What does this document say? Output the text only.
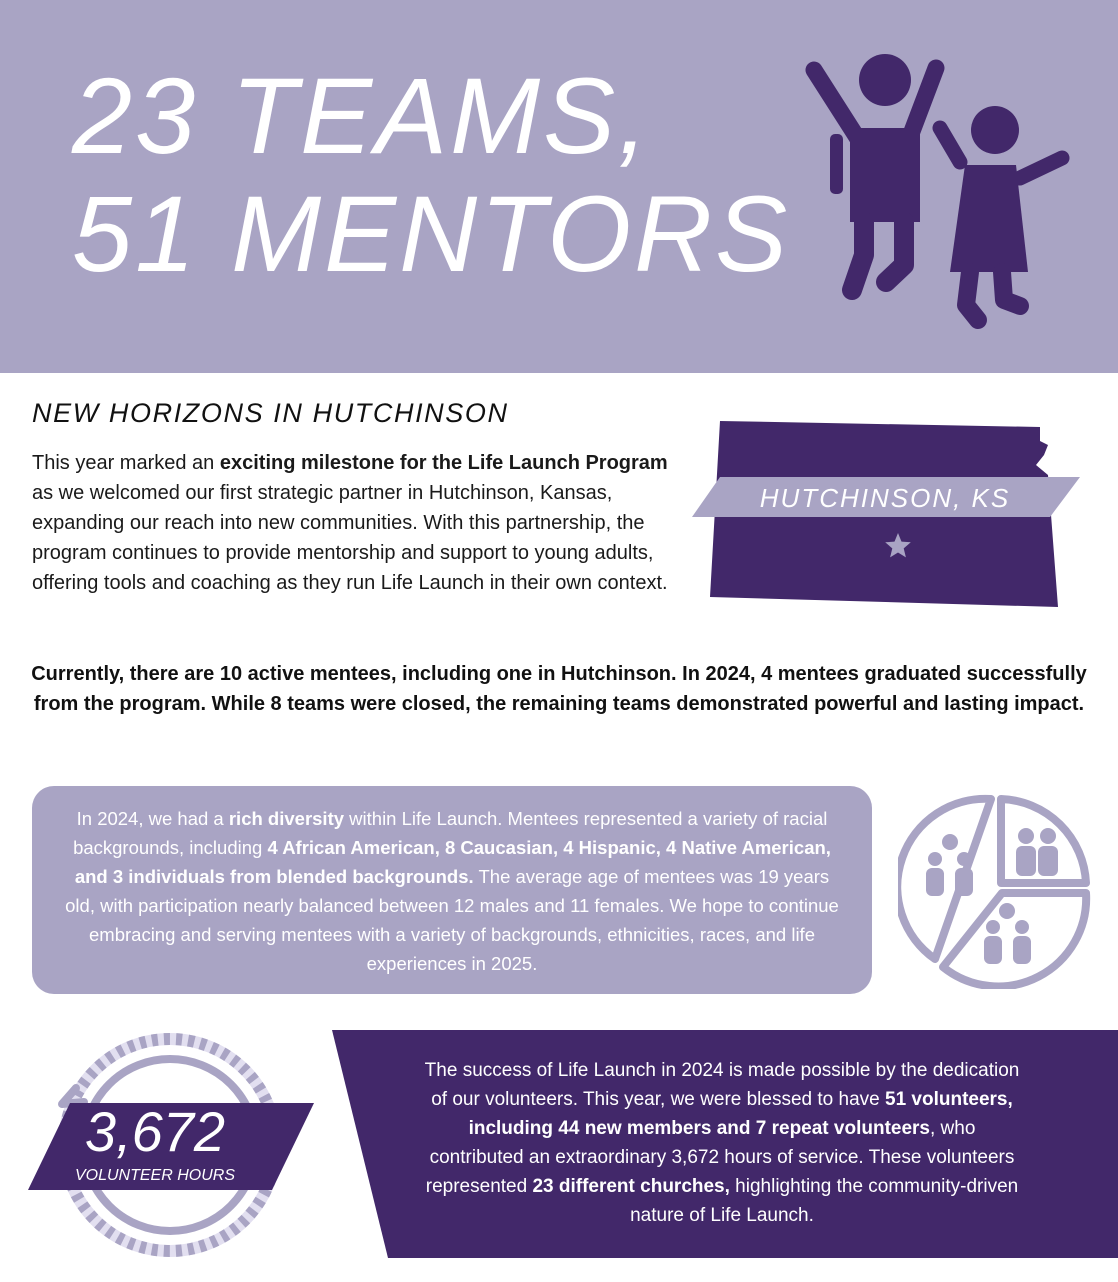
23 TEAMS,
51 MENTORS
NEW HORIZONS IN HUTCHINSON

This year marked an exciting milestone for the Life Launch Program as we welcomed our first strategic partner in Hutchinson, Kansas, expanding our reach into new communities. With this partnership, the program continues to provide mentorship and support to young adults, offering tools and coaching as they run Life Launch in their own context.

HUTCHINSON, KS

Currently, there are 10 active mentees, including one in Hutchinson. In 2024, 4 mentees graduated successfully from the program. While 8 teams were closed, the remaining teams demonstrated powerful and lasting impact.

In 2024, we had a rich diversity within Life Launch. Mentees represented a variety of racial backgrounds, including 4 African American, 8 Caucasian, 4 Hispanic, 4 Native American, and 3 individuals from blended backgrounds. The average age of mentees was 19 years old, with participation nearly balanced between 12 males and 11 females. We hope to continue embracing and serving mentees with a variety of backgrounds, ethnicities, races, and life experiences in 2025.

3,672

VOLUNTEER HOURS

The success of Life Launch in 2024 is made possible by the dedication of our volunteers. This year, we were blessed to have 51 volunteers, including 44 new members and 7 repeat volunteers, who contributed an extraordinary 3,672 hours of service. These volunteers represented 23 different churches, highlighting the community-driven nature of Life Launch.
